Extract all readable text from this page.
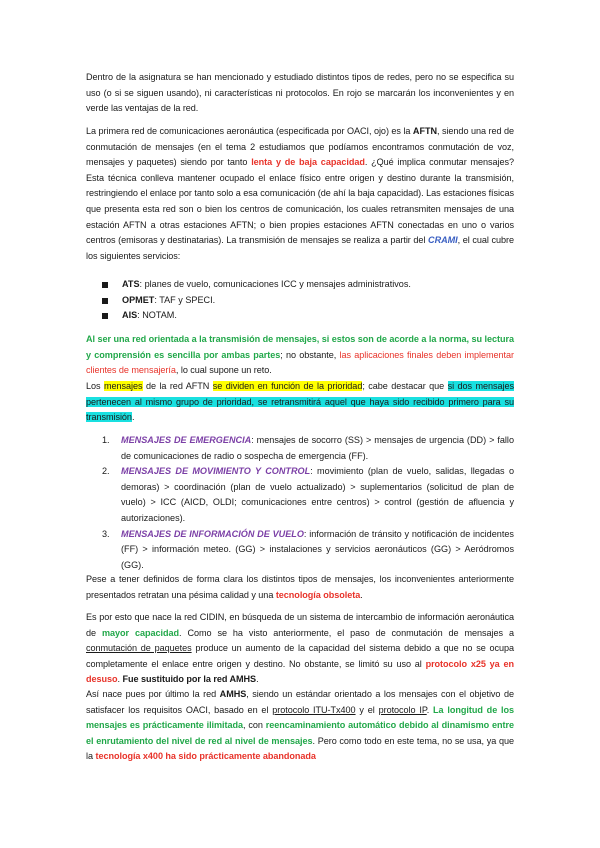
Dentro de la asignatura se han mencionado y estudiado distintos tipos de redes, pero no se especifica su uso (o si se siguen usando), ni características ni protocolos. En rojo se marcarán los inconvenientes y en verde las ventajas de la red.

La primera red de comunicaciones aeronáutica (especificada por OACI, ojo) es la AFTN, siendo una red de conmutación de mensajes (en el tema 2 estudiamos que podíamos encontramos conmutación de voz, mensajes y paquetes) siendo por tanto lenta y de baja capacidad. ¿Qué implica conmutar mensajes? Esta técnica conlleva mantener ocupado el enlace físico entre origen y destino durante la transmisión, restringiendo el enlace por tanto solo a esa comunicación (de ahí la baja capacidad). Las estaciones físicas que presenta esta red son o bien los centros de comunicación, los cuales retransmiten mensajes de una estación AFTN a otras estaciones AFTN; o bien propies estaciones AFTN conectadas en uno o varios centros (emisoras y destinatarias). La transmisión de mensajes se realiza a partir del CRAMI, el cual cubre los siguientes servicios:

ATS: planes de vuelo, comunicaciones ICC y mensajes administrativos.
OPMET: TAF y SPECI.
AIS: NOTAM.

Al ser una red orientada a la transmisión de mensajes, si estos son de acorde a la norma, su lectura y comprensión es sencilla por ambas partes; no obstante, las aplicaciones finales deben implementar clientes de mensajería, lo cual supone un reto.

Los mensajes de la red AFTN se dividen en función de la prioridad; cabe destacar que si dos mensajes pertenecen al mismo grupo de prioridad, se retransmitirá aquel que haya sido recibido primero para su transmisión.

1. MENSAJES DE EMERGENCIA: mensajes de socorro (SS) > mensajes de urgencia (DD) > fallo de comunicaciones de radio o sospecha de emergencia (FF).
2. MENSAJES DE MOVIMIENTO Y CONTROL: movimiento (plan de vuelo, salidas, llegadas o demoras) > coordinación (plan de vuelo actualizado) > suplementarios (solicitud de plan de vuelo) > ICC (AICD, OLDI; comunicaciones entre centros) > control (gestión de afluencia y autorizaciones).
3. MENSAJES DE INFORMACIÓN DE VUELO: información de tránsito y notificación de incidentes (FF) > información meteo. (GG) > instalaciones y servicios aeronáuticos (GG) > Aeródromos (GG).

Pese a tener definidos de forma clara los distintos tipos de mensajes, los inconvenientes anteriormente presentados retratan una pésima calidad y una tecnología obsoleta.

Es por esto que nace la red CIDIN, en búsqueda de un sistema de intercambio de información aeronáutica de mayor capacidad. Como se ha visto anteriormente, el paso de conmutación de mensajes a conmutación de paquetes produce un aumento de la capacidad del sistema debido a que no se ocupa completamente el enlace entre origen y destino. No obstante, se limitó su uso al protocolo x25 ya en desuso. Fue sustituido por la red AMHS.

Así nace pues por último la red AMHS, siendo un estándar orientado a los mensajes con el objetivo de satisfacer los requisitos OACI, basado en el protocolo ITU-Tx400 y el protocolo IP. La longitud de los mensajes es prácticamente ilimitada, con reencaminamiento automático debido al dinamismo entre el enrutamiento del nivel de red al nivel de mensajes. Pero como todo en este tema, no se usa, ya que la tecnología x400 ha sido prácticamente abandonada
